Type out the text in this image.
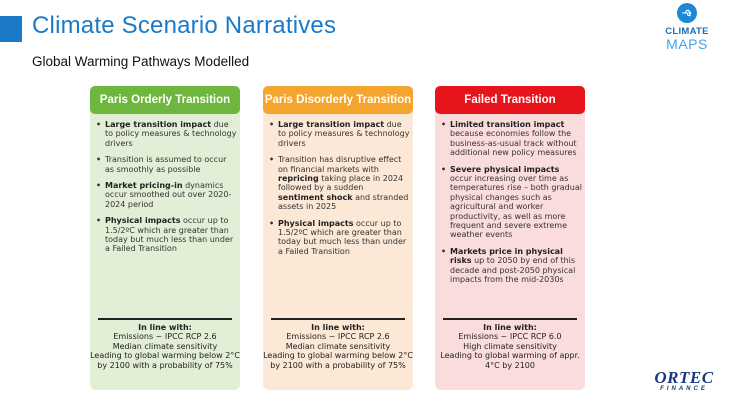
Climate Scenario Narratives
Global Warming Pathways Modelled
CLIMATE
MAPS
Paris Orderly Transition
• Large transition impact due to policy measures & technology drivers
• Transition is assumed to occur as smoothly as possible
• Market pricing-in dynamics occur smoothed out over 2020-2024 period
• Physical impacts occur up to 1.5/2ºC which are greater than today but much less than under a Failed Transition
In line with:
Emissions ~ IPCC RCP 2.6
Median climate sensitivity
Leading to global warming below 2°C by 2100 with a probability of 75%
Paris Disorderly Transition
• Large transition impact due to policy measures & technology drivers
• Transition has disruptive effect on financial markets with repricing taking place in 2024 followed by a sudden sentiment shock and stranded assets in 2025
• Physical impacts occur up to 1.5/2ºC which are greater than today but much less than under a Failed Transition
In line with:
Emissions ~ IPCC RCP 2.6
Median climate sensitivity
Leading to global warming below 2°C by 2100 with a probability of 75%
Failed Transition
• Limited transition impact because economies follow the business-as-usual track without additional new policy measures
• Severe physical impacts occur increasing over time as temperatures rise – both gradual physical changes such as agricultural and worker productivity, as well as more frequent and severe extreme weather events
• Markets price in physical risks up to 2050 by end of this decade and post-2050 physical impacts from the mid-2030s
In line with:
Emissions ~ IPCC RCP 6.0
High climate sensitivity
Leading to global warming of appr. 4°C by 2100
ORTEC
FINANCE
